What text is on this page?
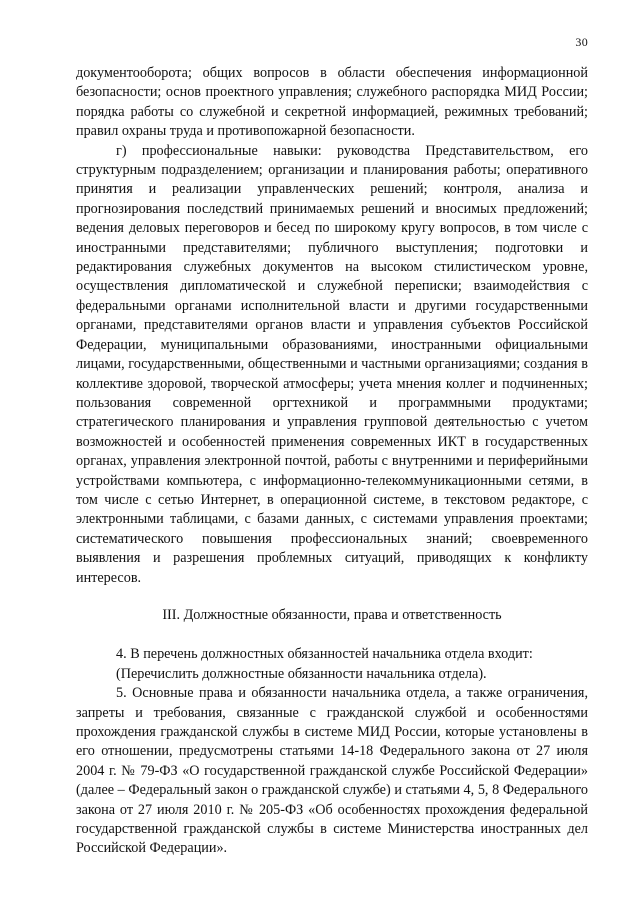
30

документооборота; общих вопросов в области обеспечения информационной безопасности; основ проектного управления; служебного распорядка МИД России; порядка работы со служебной и секретной информацией, режимных требований; правил охраны труда и противопожарной безопасности.

г) профессиональные навыки: руководства Представительством, его структурным подразделением; организации и планирования работы; оперативного принятия и реализации управленческих решений; контроля, анализа и прогнозирования последствий принимаемых решений и вносимых предложений; ведения деловых переговоров и бесед по широкому кругу вопросов, в том числе с иностранными представителями; публичного выступления; подготовки и редактирования служебных документов на высоком стилистическом уровне, осуществления дипломатической и служебной переписки; взаимодействия с федеральными органами исполнительной власти и другими государственными органами, представителями органов власти и управления субъектов Российской Федерации, муниципальными образованиями, иностранными официальными лицами, государственными, общественными и частными организациями; создания в коллективе здоровой, творческой атмосферы; учета мнения коллег и подчиненных; пользования современной оргтехникой и программными продуктами; стратегического планирования и управления групповой деятельностью с учетом возможностей и особенностей применения современных ИКТ в государственных органах, управления электронной почтой, работы с внутренними и периферийными устройствами компьютера, с информационно-телекоммуникационными сетями, в том числе с сетью Интернет, в операционной системе, в текстовом редакторе, с электронными таблицами, с базами данных, с системами управления проектами; систематического повышения профессиональных знаний; своевременного выявления и разрешения проблемных ситуаций, приводящих к конфликту интересов.

III. Должностные обязанности, права и ответственность

4. В перечень должностных обязанностей начальника отдела входит:

(Перечислить должностные обязанности начальника отдела).

5. Основные права и обязанности начальника отдела, а также ограничения, запреты и требования, связанные с гражданской службой и особенностями прохождения гражданской службы в системе МИД России, которые установлены в его отношении, предусмотрены статьями 14-18 Федерального закона от 27 июля 2004 г. № 79-ФЗ «О государственной гражданской службе Российской Федерации» (далее – Федеральный закон о гражданской службе) и статьями 4, 5, 8 Федерального закона от 27 июля 2010 г. № 205-ФЗ «Об особенностях прохождения федеральной государственной гражданской службы в системе Министерства иностранных дел Российской Федерации».
